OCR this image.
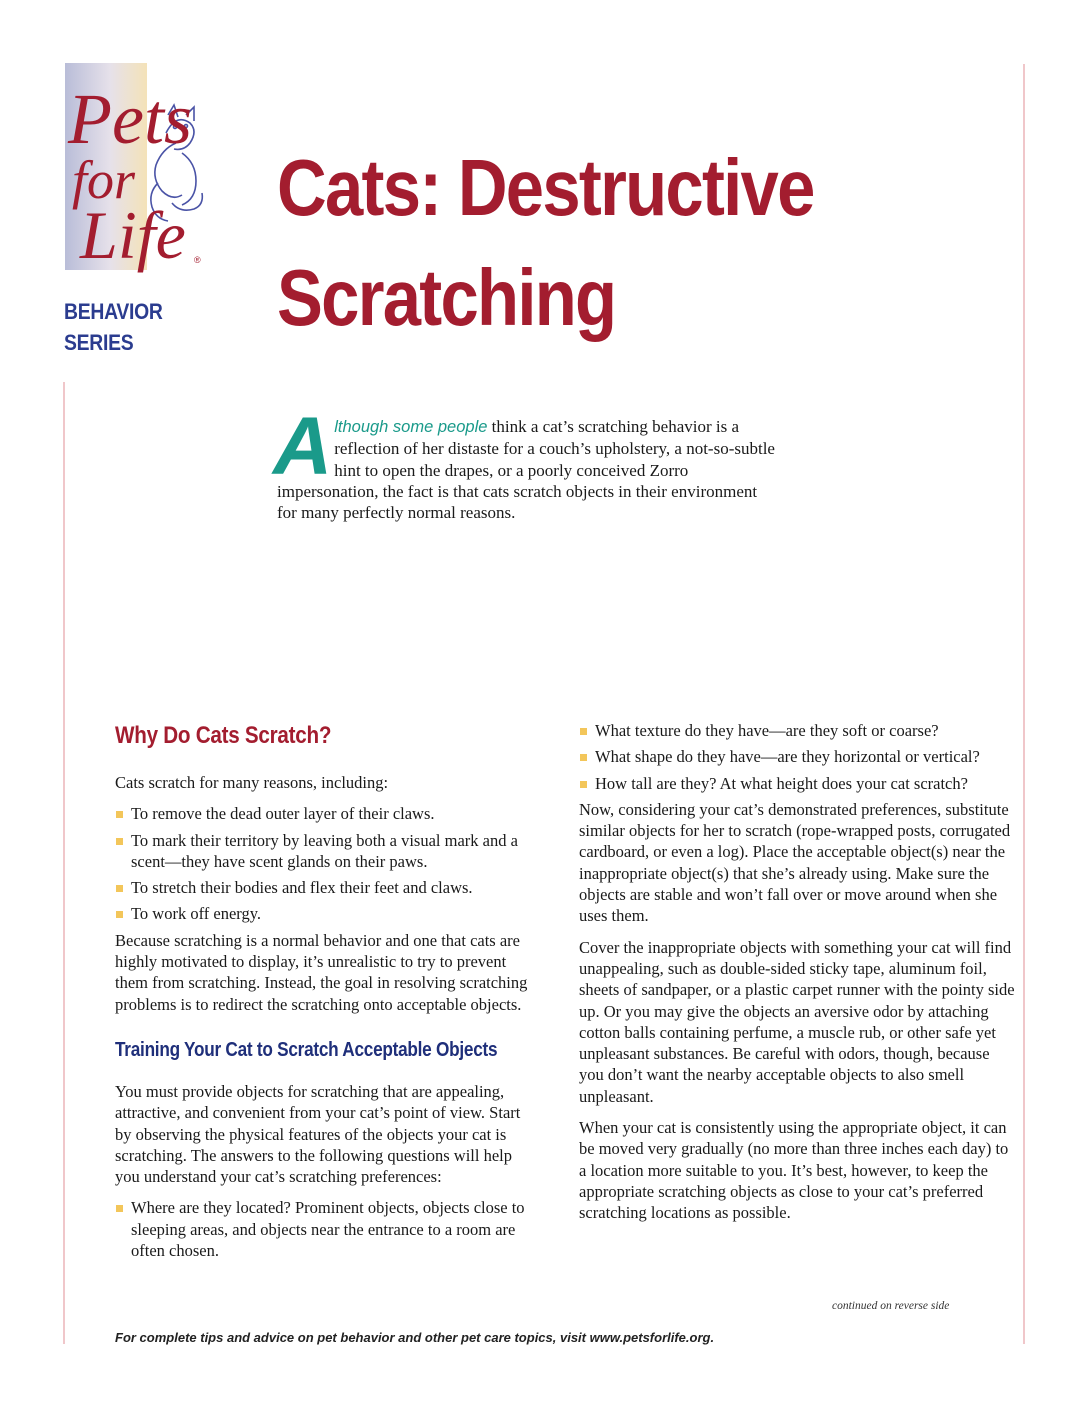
Pets
for
Life ®
BEHAVIOR
SERIES
Cats: Destructive
Scratching
Although some people think a cat’s scratching behavior is a reflection of her distaste for a couch’s upholstery, a not-so-subtle hint to open the drapes, or a poorly conceived Zorro impersonation, the fact is that cats scratch objects in their environment for many perfectly normal reasons.
Why Do Cats Scratch?

Cats scratch for many reasons, including:

To remove the dead outer layer of their claws.
To mark their territory by leaving both a visual mark and a scent—they have scent glands on their paws.
To stretch their bodies and flex their feet and claws.
To work off energy.

Because scratching is a normal behavior and one that cats are highly motivated to display, it’s unrealistic to try to prevent them from scratching. Instead, the goal in resolving scratching problems is to redirect the scratching onto acceptable objects.

Training Your Cat to Scratch Acceptable Objects

You must provide objects for scratching that are appealing, attractive, and convenient from your cat’s point of view. Start by observing the physical features of the objects your cat is scratching. The answers to the following questions will help you understand your cat’s scratching preferences:

Where are they located? Prominent objects, objects close to sleeping areas, and objects near the entrance to a room are often chosen.
What texture do they have—are they soft or coarse?
What shape do they have—are they horizontal or vertical?
How tall are they? At what height does your cat scratch?

Now, considering your cat’s demonstrated preferences, substitute similar objects for her to scratch (rope-wrapped posts, corrugated cardboard, or even a log). Place the acceptable object(s) near the inappropriate object(s) that she’s already using. Make sure the objects are stable and won’t fall over or move around when she uses them.

Cover the inappropriate objects with something your cat will find unappealing, such as double-sided sticky tape, aluminum foil, sheets of sandpaper, or a plastic carpet runner with the pointy side up. Or you may give the objects an aversive odor by attaching cotton balls containing perfume, a muscle rub, or other safe yet unpleasant substances. Be careful with odors, though, because you don’t want the nearby acceptable objects to also smell unpleasant.

When your cat is consistently using the appropriate object, it can be moved very gradually (no more than three inches each day) to a location more suitable to you. It’s best, however, to keep the appropriate scratching objects as close to your cat’s preferred scratching locations as possible.

continued on reverse side
For complete tips and advice on pet behavior and other pet care topics, visit www.petsforlife.org.
